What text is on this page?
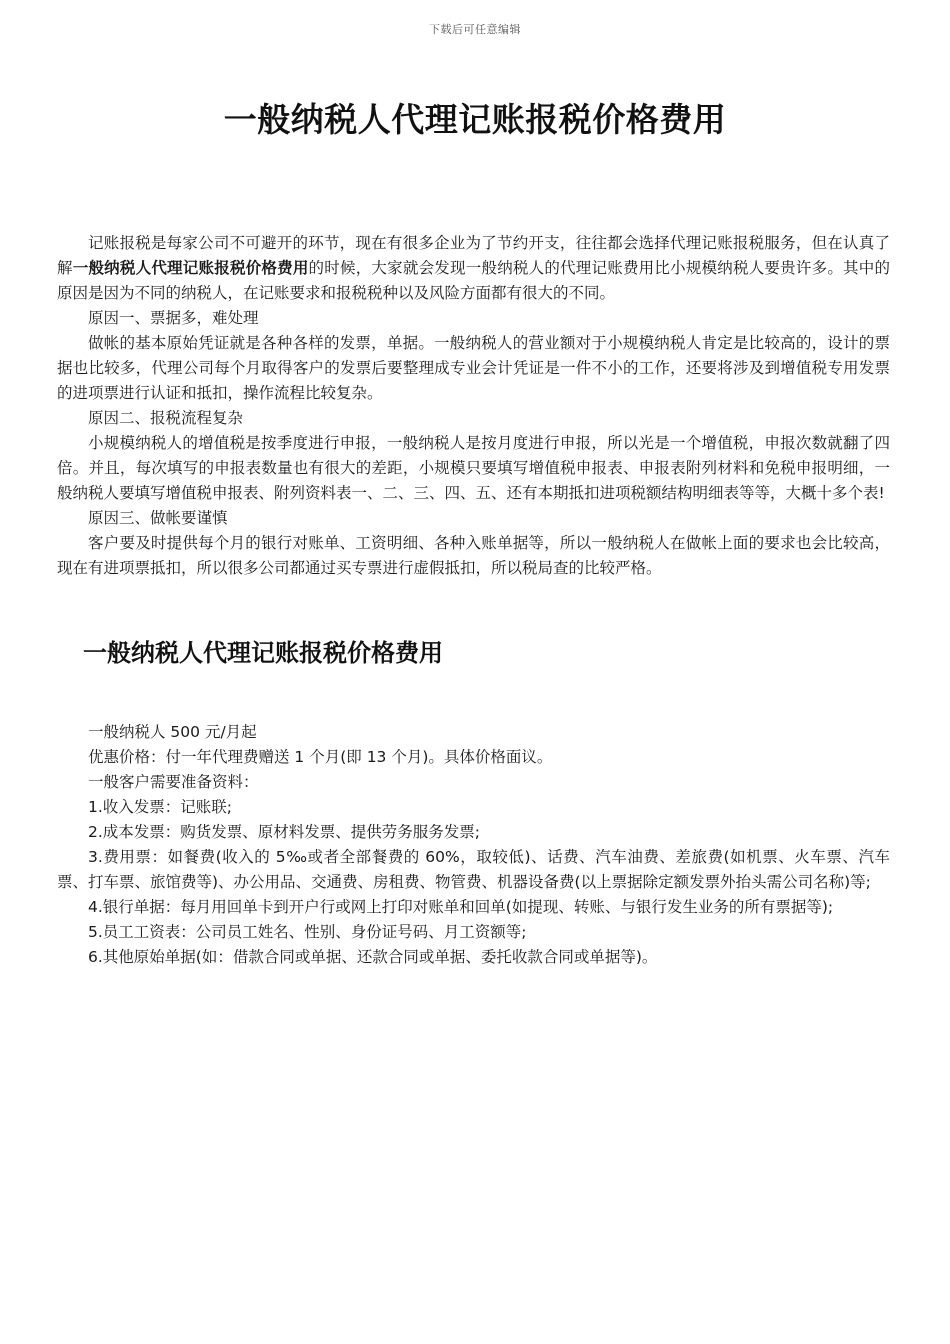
下载后可任意编辑
一般纳税人代理记账报税价格费用

记账报税是每家公司不可避开的环节，现在有很多企业为了节约开支，往往都会选择代理记账报税服务，但在认真了解一般纳税人代理记账报税价格费用的时候，大家就会发现一般纳税人的代理记账费用比小规模纳税人要贵许多。其中的原因是因为不同的纳税人，在记账要求和报税税种以及风险方面都有很大的不同。

原因一、票据多，难处理

做帐的基本原始凭证就是各种各样的发票，单据。一般纳税人的营业额对于小规模纳税人肯定是比较高的，设计的票据也比较多，代理公司每个月取得客户的发票后要整理成专业会计凭证是一件不小的工作，还要将涉及到增值税专用发票的进项票进行认证和抵扣，操作流程比较复杂。

原因二、报税流程复杂

小规模纳税人的增值税是按季度进行申报，一般纳税人是按月度进行申报，所以光是一个增值税，申报次数就翻了四倍。并且，每次填写的申报表数量也有很大的差距，小规模只要填写增值税申报表、申报表附列材料和免税申报明细，一般纳税人要填写增值税申报表、附列资料表一、二、三、四、五、还有本期抵扣进项税额结构明细表等等，大概十多个表!

原因三、做帐要谨慎

客户要及时提供每个月的银行对账单、工资明细、各种入账单据等，所以一般纳税人在做帐上面的要求也会比较高，现在有进项票抵扣，所以很多公司都通过买专票进行虚假抵扣，所以税局查的比较严格。

一般纳税人代理记账报税价格费用

一般纳税人 500 元/月起

优惠价格：付一年代理费赠送 1 个月(即 13 个月)。具体价格面议。

一般客户需要准备资料：

1.收入发票：记账联;

2.成本发票：购货发票、原材料发票、提供劳务服务发票;

3.费用票：如餐费(收入的 5‰或者全部餐费的 60%，取较低)、话费、汽车油费、差旅费(如机票、火车票、汽车票、打车票、旅馆费等)、办公用品、交通费、房租费、物管费、机器设备费(以上票据除定额发票外抬头需公司名称)等;

4.银行单据：每月用回单卡到开户行或网上打印对账单和回单(如提现、转账、与银行发生业务的所有票据等);

5.员工工资表：公司员工姓名、性别、身份证号码、月工资额等;

6.其他原始单据(如：借款合同或单据、还款合同或单据、委托收款合同或单据等)。
